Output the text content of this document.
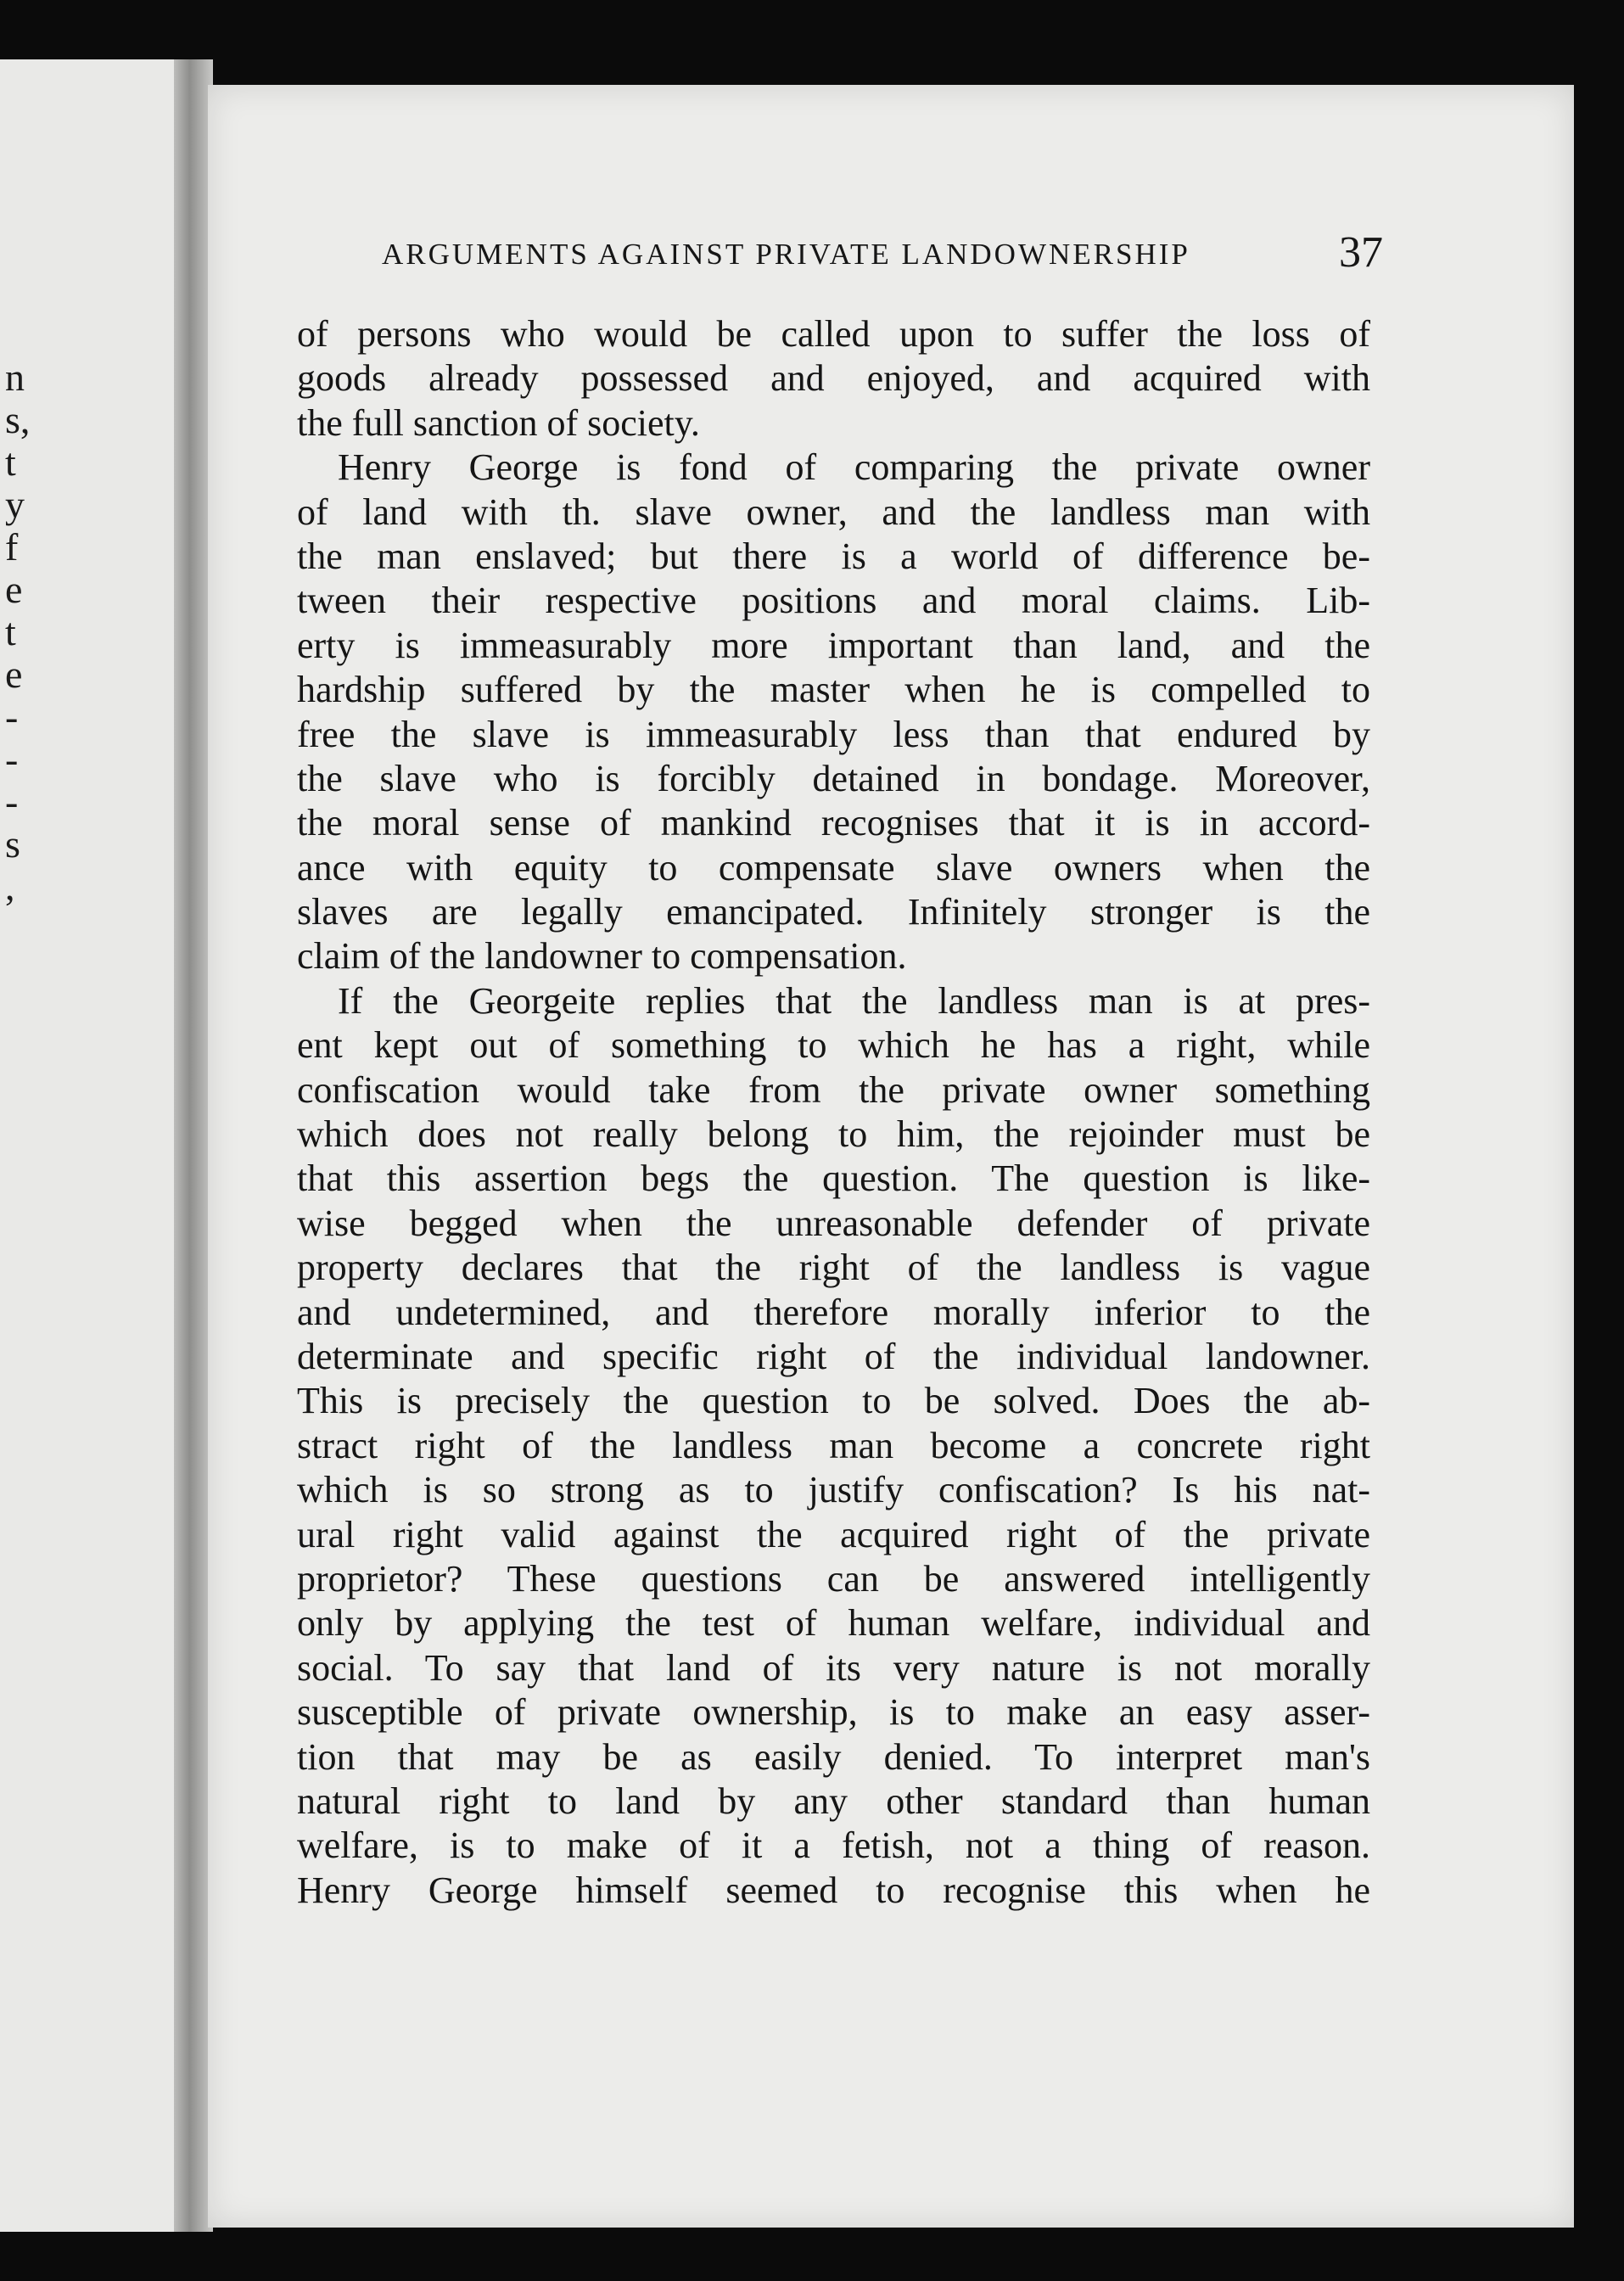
n
s,
t
y
f
e
t
e
-
-
-
s
,
ARGUMENTS AGAINST PRIVATE LANDOWNERSHIP	37
of persons who would be called upon to suffer the loss of
goods already possessed and enjoyed, and acquired with
the full sanction of society.
Henry George is fond of comparing the private owner
of land with th. slave owner, and the landless man with
the man enslaved; but there is a world of difference be-
tween their respective positions and moral claims. Lib-
erty is immeasurably more important than land, and the
hardship suffered by the master when he is compelled to
free the slave is immeasurably less than that endured by
the slave who is forcibly detained in bondage. Moreover,
the moral sense of mankind recognises that it is in accord-
ance with equity to compensate slave owners when the
slaves are legally emancipated. Infinitely stronger is the
claim of the landowner to compensation.
If the Georgeite replies that the landless man is at pres-
ent kept out of something to which he has a right, while
confiscation would take from the private owner something
which does not really belong to him, the rejoinder must be
that this assertion begs the question. The question is like-
wise begged when the unreasonable defender of private
property declares that the right of the landless is vague
and undetermined, and therefore morally inferior to the
determinate and specific right of the individual landowner.
This is precisely the question to be solved. Does the ab-
stract right of the landless man become a concrete right
which is so strong as to justify confiscation? Is his nat-
ural right valid against the acquired right of the private
proprietor? These questions can be answered intelligently
only by applying the test of human welfare, individual and
social. To say that land of its very nature is not morally
susceptible of private ownership, is to make an easy asser-
tion that may be as easily denied. To interpret man's
natural right to land by any other standard than human
welfare, is to make of it a fetish, not a thing of reason.
Henry George himself seemed to recognise this when he
